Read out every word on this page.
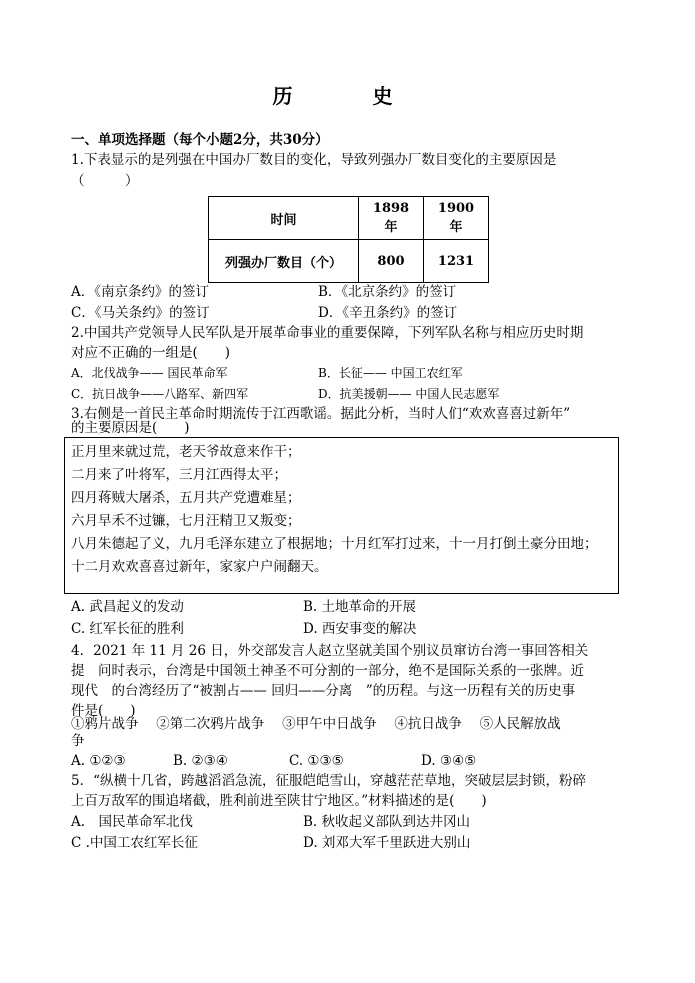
历　史
一、单项选择题（每个小题2分，共30分）
1.下表显示的是列强在中国办厂数目的变化，导致列强办厂数目变化的主要原因是
（　　　）
时间	1898 年	1900 年
列强办厂数目（个）	800	1231
A．《南京条约》的签订	B．《北京条约》的签订
C．《马关条约》的签订	D．《辛丑条约》的签订
2.中国共产党领导人民军队是开展革命事业的重要保障，下列军队名称与相应历史时期
对应不正确的一组是(　　)
A．北伐战争—— 国民革命军	B．长征—— 中国工农红军
C．抗日战争——八路军、新四军	D．抗美援朝—— 中国人民志愿军
3.右侧是一首民主革命时期流传于江西歌谣。据此分析，当时人们“欢欢喜喜过新年”
的主要原因是(　　)
正月里来就过荒，老天爷故意来作干；
二月来了叶将军，三月江西得太平；
四月蒋贼大屠杀，五月共产党遭难星；
六月早禾不过镰，七月汪精卫又叛变；
八月朱德起了义，九月毛泽东建立了根据地；十月红军打过来，十一月打倒土豪分田地； 十二月欢欢喜喜过新年，家家户户闹翻天。
A. 武昌起义的发动	B. 土地革命的开展
C. 红军长征的胜利	D. 西安事变的解决
4．2021 年 11 月 26 日，外交部发言人赵立坚就美国个别议员窜访台湾一事回答相关
提　问时表示，台湾是中国领土神圣不可分割的一部分，绝不是国际关系的一张牌。近
现代　的台湾经历了“被割占—— 回归——分离　”的历程。与这一历程有关的历史事
件是(　　)
①鸦片战争　 ②第二次鸦片战争　 ③甲午中日战争　 ④抗日战争　 ⑤人民解放战
争
A. ①②③	B. ②③④	C. ①③⑤	D. ③④⑤
5．“纵横十几省，跨越滔滔急流，征服皑皑雪山，穿越茫茫草地，突破层层封锁，粉碎
上百万敌军的围追堵截，胜利前进至陕甘宁地区。”材料描述的是(　　)
A.　国民革命军北伐	B. 秋收起义部队到达井冈山
C .中国工农红军长征	D. 刘邓大军千里跃进大别山
